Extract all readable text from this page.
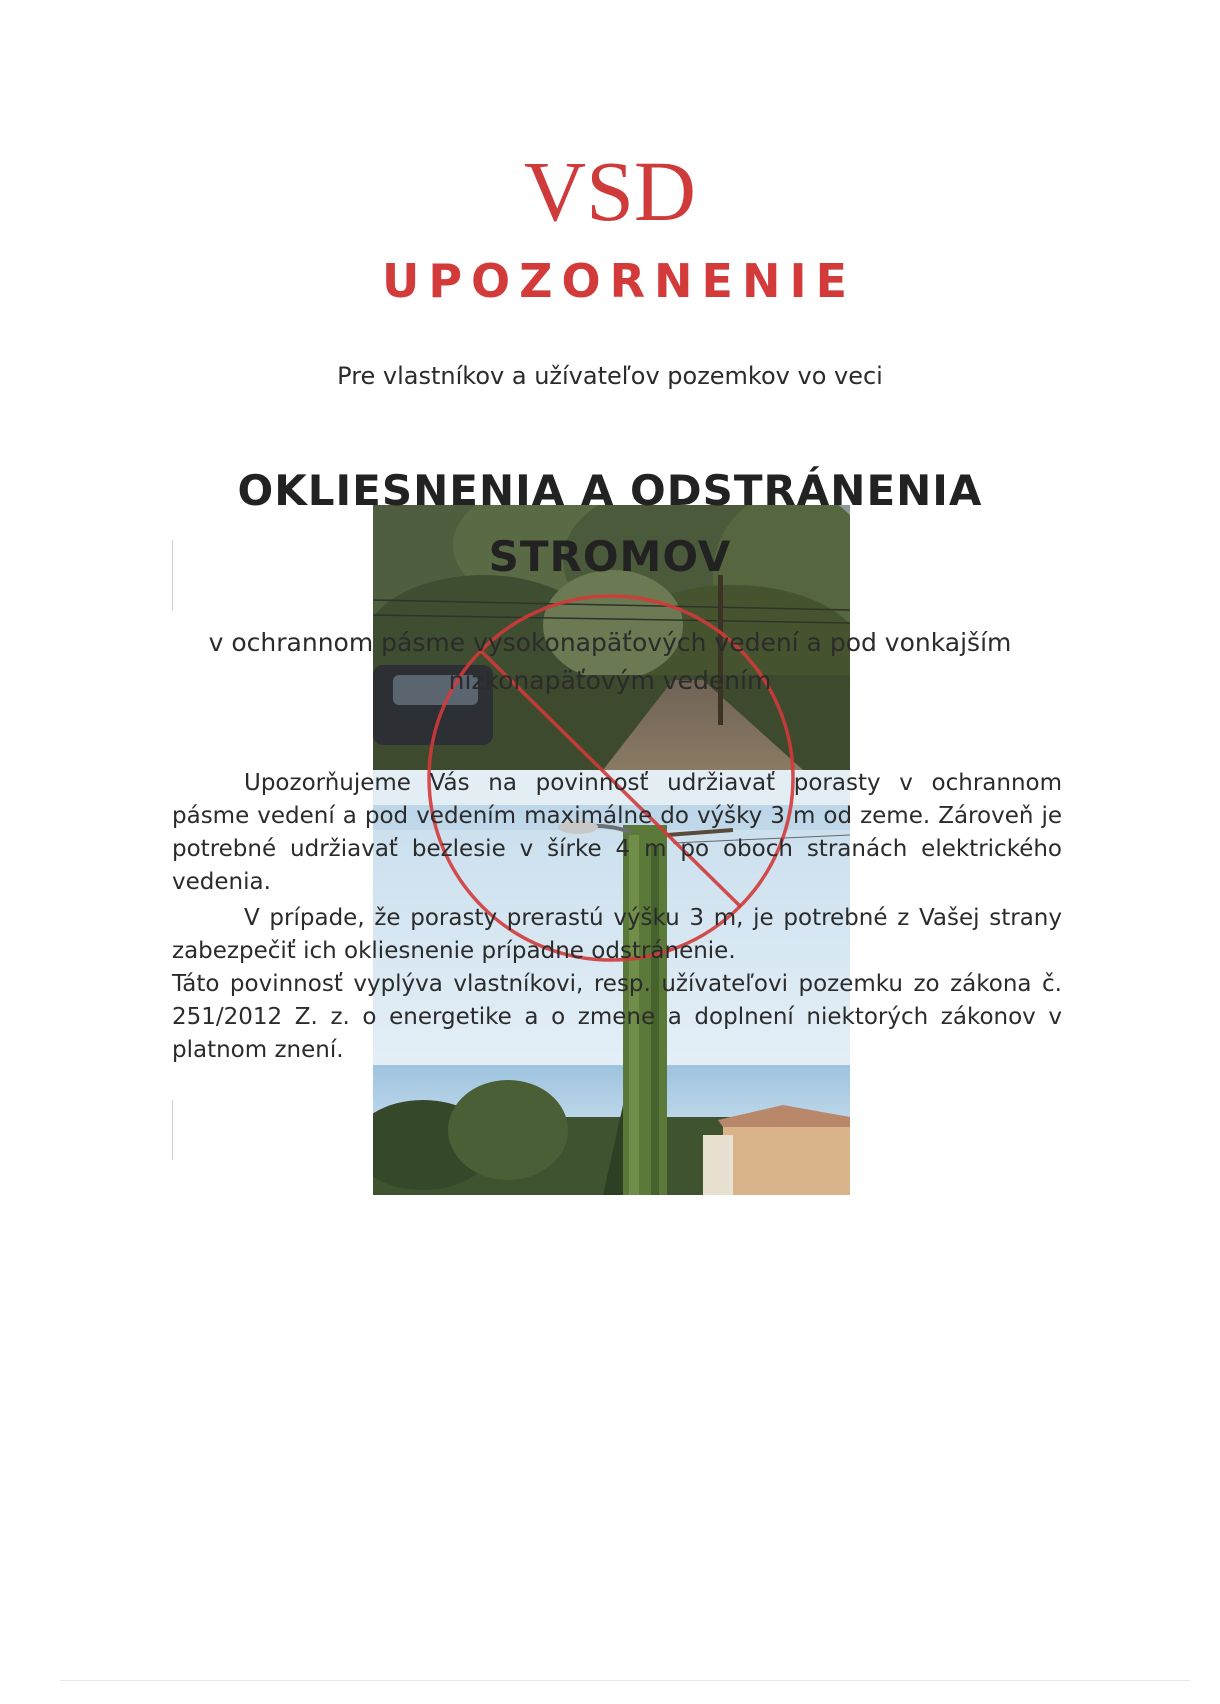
VSD
UPOZORNENIE
Pre vlastníkov a užívateľov pozemkov vo veci
OKLIESNENIA A ODSTRÁNENIA
STROMOV
v ochrannom pásme vysokonapäťových vedení a pod vonkajším
nízkonapäťovým vedením

Upozorňujeme Vás na povinnosť udržiavať porasty v ochrannom pásme vedení a pod vedením maximálne do výšky 3 m od zeme. Zároveň je potrebné udržiavať bezlesie v šírke 4 m po oboch stranách elektrického vedenia.

V prípade, že porasty prerastú výšku 3 m, je potrebné z Vašej strany zabezpečiť ich okliesnenie prípadne odstránenie.

Táto povinnosť vyplýva vlastníkovi, resp. užívateľovi pozemku zo zákona č. 251/2012 Z. z. o energetike a o zmene a doplnení niektorých zákonov v platnom znení.
